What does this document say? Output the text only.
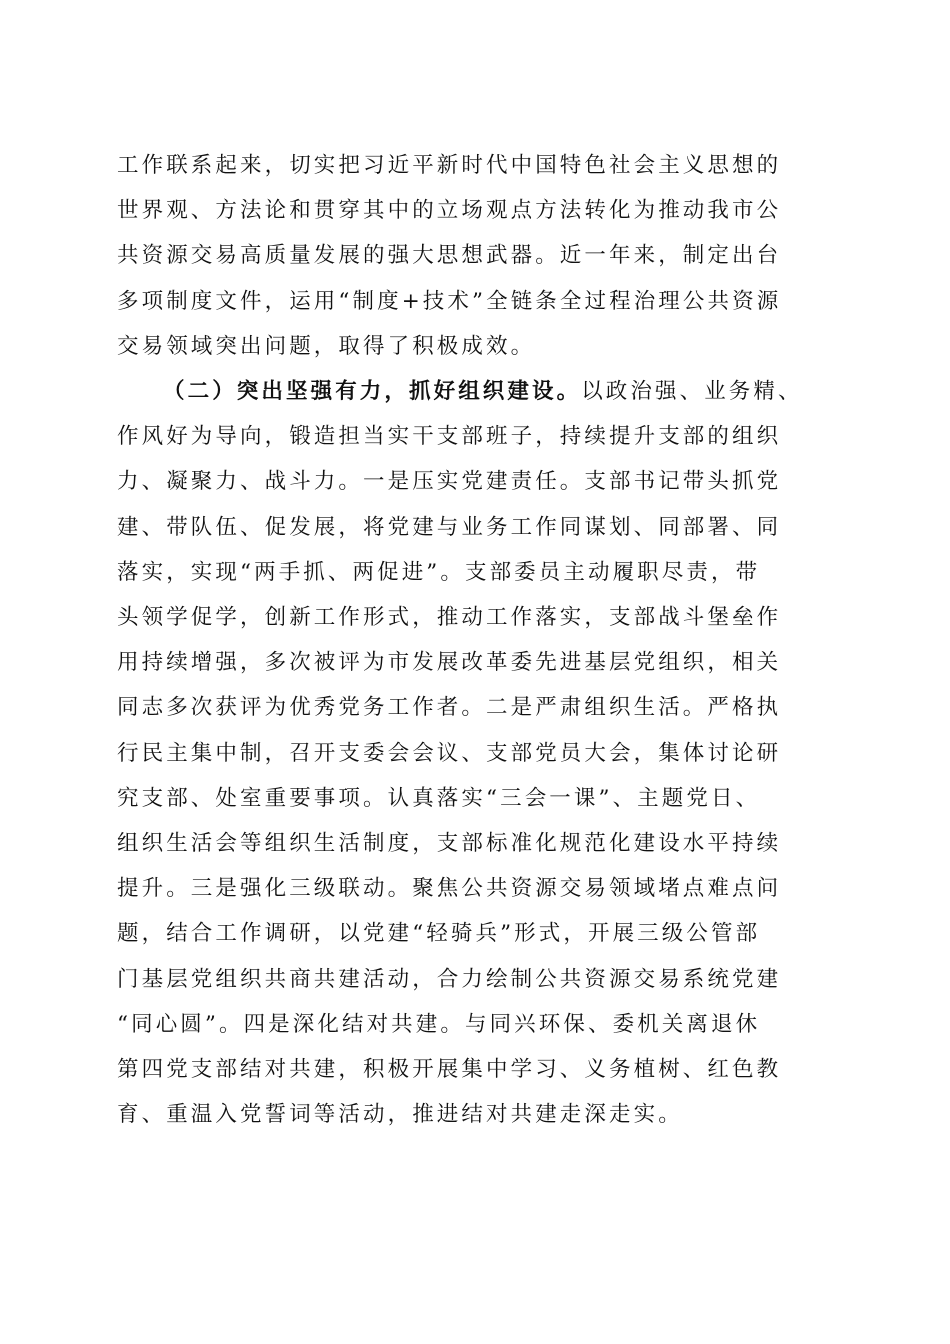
工作联系起来，切实把习近平新时代中国特色社会主义思想的
世界观、方法论和贯穿其中的立场观点方法转化为推动我市公
共资源交易高质量发展的强大思想武器。近一年来，制定出台
多项制度文件，运用“制度+技术”全链条全过程治理公共资源
交易领域突出问题，取得了积极成效。
（二）突出坚强有力，抓好组织建设。以政治强、业务精、
作风好为导向，锻造担当实干支部班子，持续提升支部的组织
力、凝聚力、战斗力。一是压实党建责任。支部书记带头抓党
建、带队伍、促发展，将党建与业务工作同谋划、同部署、同
落实，实现“两手抓、两促进”。支部委员主动履职尽责，带
头领学促学，创新工作形式，推动工作落实，支部战斗堡垒作
用持续增强，多次被评为市发展改革委先进基层党组织，相关
同志多次获评为优秀党务工作者。二是严肃组织生活。严格执
行民主集中制，召开支委会会议、支部党员大会，集体讨论研
究支部、处室重要事项。认真落实“三会一课”、主题党日、
组织生活会等组织生活制度，支部标准化规范化建设水平持续
提升。三是强化三级联动。聚焦公共资源交易领域堵点难点问
题，结合工作调研，以党建“轻骑兵”形式，开展三级公管部
门基层党组织共商共建活动，合力绘制公共资源交易系统党建
“同心圆”。四是深化结对共建。与同兴环保、委机关离退休
第四党支部结对共建，积极开展集中学习、义务植树、红色教
育、重温入党誓词等活动，推进结对共建走深走实。
